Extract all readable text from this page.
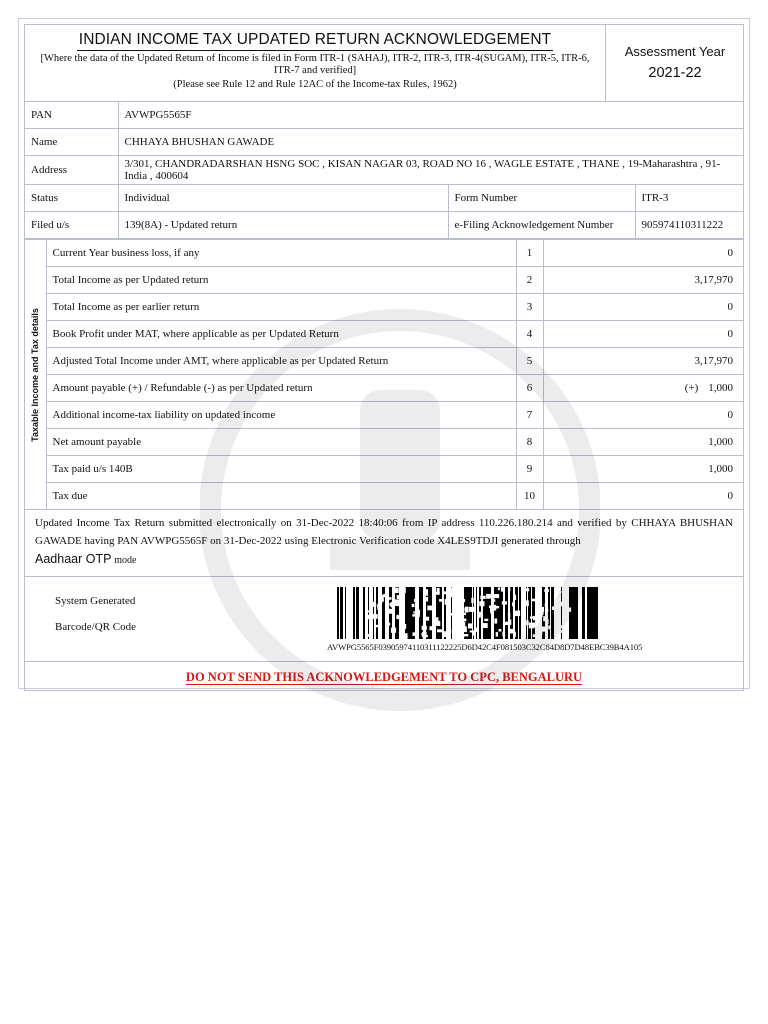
INDIAN INCOME TAX UPDATED RETURN ACKNOWLEDGEMENT
[Where the data of the Updated Return of Income is filed in Form ITR-1 (SAHAJ), ITR-2, ITR-3, ITR-4(SUGAM), ITR-5, ITR-6, ITR-7 and verified]
(Please see Rule 12 and Rule 12AC of the Income-tax Rules, 1962)
Assessment Year
2021-22
PAN	AVWPG5565F		
Name	CHHAYA BHUSHAN GAWADE		
Address	3/301, CHANDRADARSHAN HSNG SOC , KISAN NAGAR 03, ROAD NO 16 , WAGLE ESTATE , THANE , 19-Maharashtra , 91-India , 400604		
Status	Individual	Form Number	ITR-3
Filed u/s	139(8A) - Updated return	e-Filing Acknowledgement Number	905974110311222
Taxable Income and Tax details	Current Year business loss, if any	1	0
	Total Income as per Updated return	2	3,17,970
	Total Income as per earlier return	3	0
	Book Profit under MAT, where applicable as per Updated Return	4	0
	Adjusted Total Income under AMT, where applicable as per Updated Return	5	3,17,970
	Amount payable (+) / Refundable (-) as per Updated return	6	(+) 1,000
	Additional income-tax liability on updated income	7	0
	Net amount payable	8	1,000
	Tax paid u/s 140B	9	1,000
	Tax due	10	0
Updated Income Tax Return submitted electronically on 31-Dec-2022 18:40:06 from IP address 110.226.180.214 and verified by CHHAYA BHUSHAN GAWADE having PAN AVWPG5565F on 31-Dec-2022 using Electronic Verification code X4LES9TDJI generated through
Aadhaar OTP mode
System Generated
Barcode/QR Code
AVWPG5565F03905974110311122225D6D42C4F081503C32C84D8D7D48EBC39B4A105
DO NOT SEND THIS ACKNOWLEDGEMENT TO CPC, BENGALURU
